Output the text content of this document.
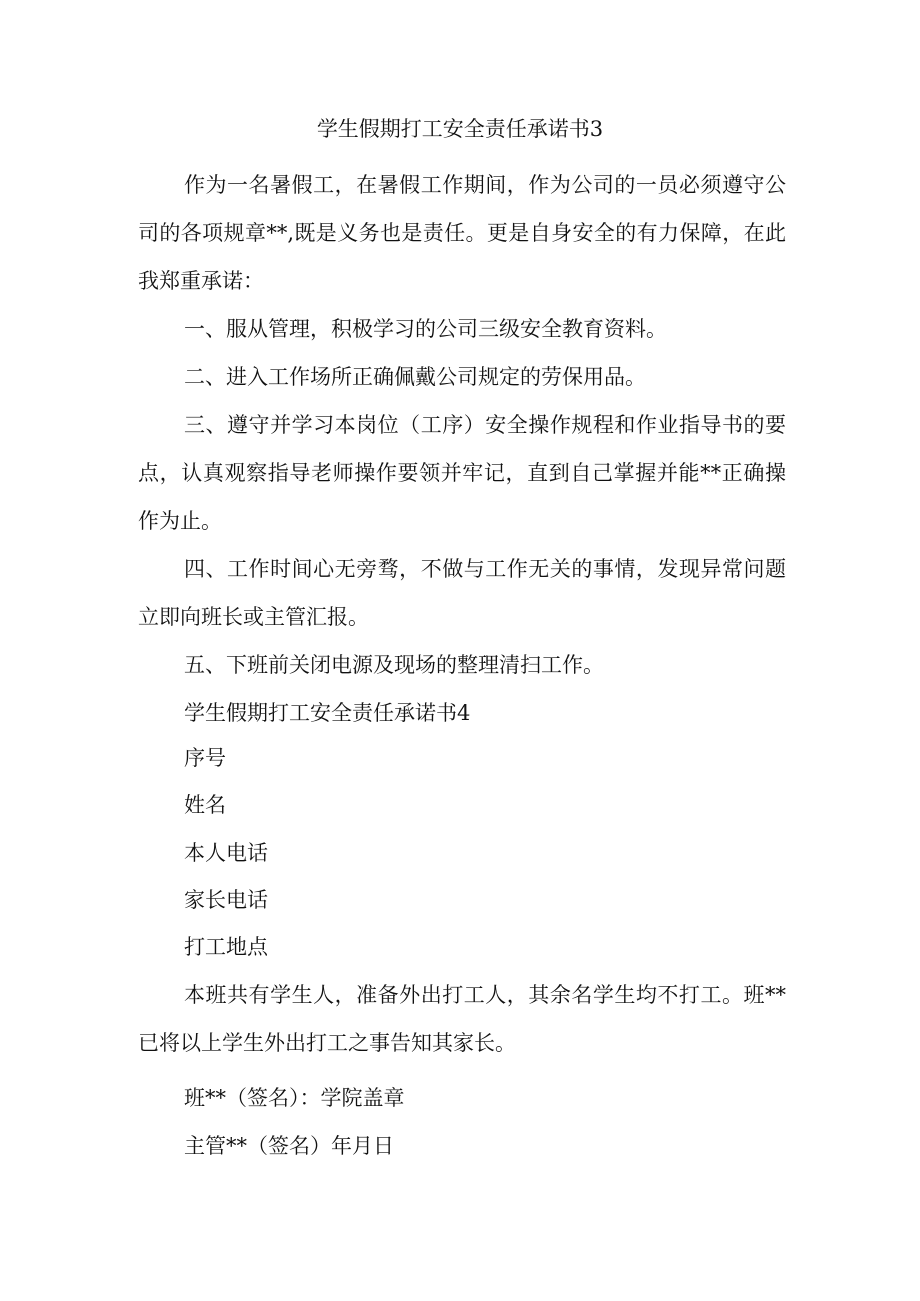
学生假期打工安全责任承诺书3

作为一名暑假工，在暑假工作期间，作为公司的一员必须遵守公司的各项规章**,既是义务也是责任。更是自身安全的有力保障，在此我郑重承诺：

一、服从管理，积极学习的公司三级安全教育资料。

二、进入工作场所正确佩戴公司规定的劳保用品。

三、遵守并学习本岗位（工序）安全操作规程和作业指导书的要点，认真观察指导老师操作要领并牢记，直到自己掌握并能**正确操作为止。

四、工作时间心无旁骛，不做与工作无关的事情，发现异常问题立即向班长或主管汇报。

五、下班前关闭电源及现场的整理清扫工作。

学生假期打工安全责任承诺书4

序号

姓名

本人电话

家长电话

打工地点

本班共有学生人，准备外出打工人，其余名学生均不打工。班**已将以上学生外出打工之事告知其家长。

班**（签名）：学院盖章

主管**（签名）年月日
